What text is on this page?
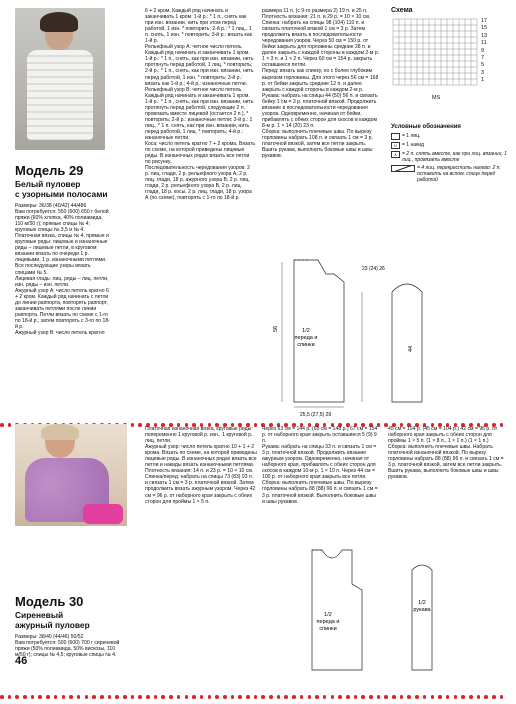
Модель 29
Белый пуловер
с узорными полосами
Размеры: 36/38 (40/42) 44/486
Вам потребуется: 550 (600) 650 г белой пряжи (60% хлопка, 40% полиамида, 110 м/50 г); прямые спицы № 4; круговые спицы № 3,5 и № 4.
Платочная вязка, спицы № 4, прямые и круговые ряды: лицевые и изнаночные ряды – лицевые петли, в круговом вязании вязать по очереди 1 р. лицевыми, 1 р. изнаночными петлями.
Все последующие узоры вязать спицами № 5.
Лицевая гладь: лиц. ряды – лиц. петли, изн. ряды – изн. петли.
Ажурный узор А: число петель кратно 6 + 2 кром. Каждый ряд начинать с петли до линии раппорта, повторять раппорт, заканчивать петлями после линии раппорта. Петли вязать по схеме с 1-го по 18-й р., затем повторять с 3-го по 18-й р.
Ажурный узор В: число петель кратно
6 + 2 кром. Каждый ряд начинать и заканчивать 1 кром. 1-й р.: * 1 п., снять как при изн. вязании, нить при этом перед работой, 1 изн. * повторить; 2-й р.: * 1 лиц., 1 п. снять, 1 изн. * повторить; 3-й р.: вязать как 1-й р.
Рельефный узор А: четное число петель. Каждый ряд начинать и заканчивать 1 кром. 1-й р.: * 1 п., снять, как при изн. вязании, нить протянуть перед работой, 1 лиц. * повторить; 2-й р.: * 1 п., снять, как при изн. вязании, нить перед работой, 1 изн. * повторить; 3-й р.: вязать как 1-й р.; 4-й р.: изнаночные петли.
Рельефный узор В: четное число петель. Каждый ряд начинать и заканчивать 1 кром. 1-й р.: * 1 п., снять, как при изн. вязании, нить протянуть перед работой, следующие 2 п. провязать вместе лицевой (остается 2 п.), * повторить; 2-й р.: изнаночные петли; 3-й р.: 1 лиц., * 1 п. снять, как при изн. вязании, нить перед работой, 1 лиц. * повторить; 4-й р.: изнаночные петли.
Коса: число петель кратно 7 + 2 крома. Вязать по схеме, на которой приведены лицевые ряды. В изнаночных рядах вязать все петли по рисунку.
Последовательность чередования узоров: 2 р. лиц. глади, 2 р. рельефного узора А, 2 р. лиц. глади, 18 р. ажурного узора В, 2 р. лиц. глади, 2 р. рельефного узора В, 2 р. лиц. глади, 18 р. косы, 2 р. лиц. глади, 18 р. узора А (по схеме), повторять с 1-го по 18-й р.
размера 11 п. (с 9-го размера 2) 19 п. и 25 п.
Плотность вязания: 21 п. и 29 р. = 10 × 10 см.
Спинка: набрать на спицы 98 (104) 110 п. и связать платочной вязкой 1 см = 3 р. Затем продолжить вязать в последовательности чередования узоров. Через 50 см = 150 р. от бейки закрыть для горловины средние 28 п. и далее закрыть с каждой стороны в каждом 2-м р. 1 × 3 п. и 1 × 2 п. Через 60 см = 154 р. закрыть оставшиеся петли.
Перед: вязать как спинку, но с более глубоким вырезом горловины. Для этого через 56 см = 168 р. от бейки закрыть средние 12 п. и далее закрыть с каждой стороны в каждом 2-м р.
Рукава: набрать на спицы 44 (50) 56 п. и связать бейку 1 см = 3 р. платочной вязкой. Продолжить вязание в последовательности чередования узоров. Одновременно, начиная от бейки, прибавлять с обеих сторон для скосов в каждом 8-м р. 1 × 14 (20) 23 п.
Сборка: выполнить плечевые швы. По вырезу горловины набрать 108 п. и связать 1 см = 3 р. платочной вязкой, затем все петли закрыть. Вшить рукава, выполнить боковые швы и швы рукавов.
Схема
17
15
13
11
9
7
5
3
1
MS
Условные обозначения
= 1 лиц.
U	= 1 накид
∧	= 2 п. снять вместе, как при лиц. вязании, 1 лиц., провязать вместе
= 4 лиц. перекрестить налево: 2 п. оставить на вспом. спице перед работой
1/2
переда и
спинки
56
25,5 (27,5) 29
44
23 (24) 26
Модель 30
Сиреневый
ажурный пуловер
Размеры: 38/40 (44/46) 50/52
Вам потребуется: 500 (600) 700 г сиреневой пряжи (50% полиамида, 50% вискозы, 110 м/50 г); спицы № 4,5; круговые спицы № 4.
Платочная изнаночная вязка, круговые ряды: попеременно 1 круговой р. изн., 1 круговой р. лиц. петли.
Ажурный узор: число петель кратно 10 + 1 + 2 крома. Вязать по схеме, на которой приведены лицевые ряды. В изнаночных рядах вязать все петли и накиды вязать изнаночными петлями.
Плотность вязания: 14 п. и 23 р. = 10 × 10 см.
Спинка/перед: набрать на спицы 73 (83) 93 п. и связать 1 см = 3 р. платочной вязкой. Затем продолжить вязать ажурным узором. Через 42 см = 96 р. от наборного края закрыть с обеих сторон для проймы 1 × 5 п.
Через 63 см = 144 р. (65 см = 148 р.) 67 см = 154 р. от наборного края закрыть оставшиеся 5 (9) 9 п.
Рукава: набрать на спицы 33 п. и связать 1 см = 3 р. платочной вязкой. Продолжить вязание ажурным узором. Одновременно, начиная от наборного края, прибавлять с обеих сторон для скосов в каждом 10-м р. 1 × 10 п. Через 44 см = 100 р. от наборного края закрыть все петли.
Сборка: выполнить плечевые швы. По вырезу горловины набрать 88 (88) 96 п. и связать 1 см = 3 р. платочной вязкой. Выполнить боковые швы и швы рукавов.
45 см = 104 р. (45 см = 104 р.) 42 см = 96 р. от наборного края закрыть с обеих сторон для проймы 1 × 5 п. (1 × 8 п., 1 × 1 п.) (1 × 1 п.)
Сборка: выполнить плечевые швы. Набрать платочной изнаночной вязкой. По вырезу горловины набрать 88 (88) 96 п. и связать 1 см = 3 р. платочной вязкой, затем все петли закрыть. Вшить рукава, выполнить боковые швы и швы рукавов.
1/2
переда и
спинки
1/2
рукава
46
